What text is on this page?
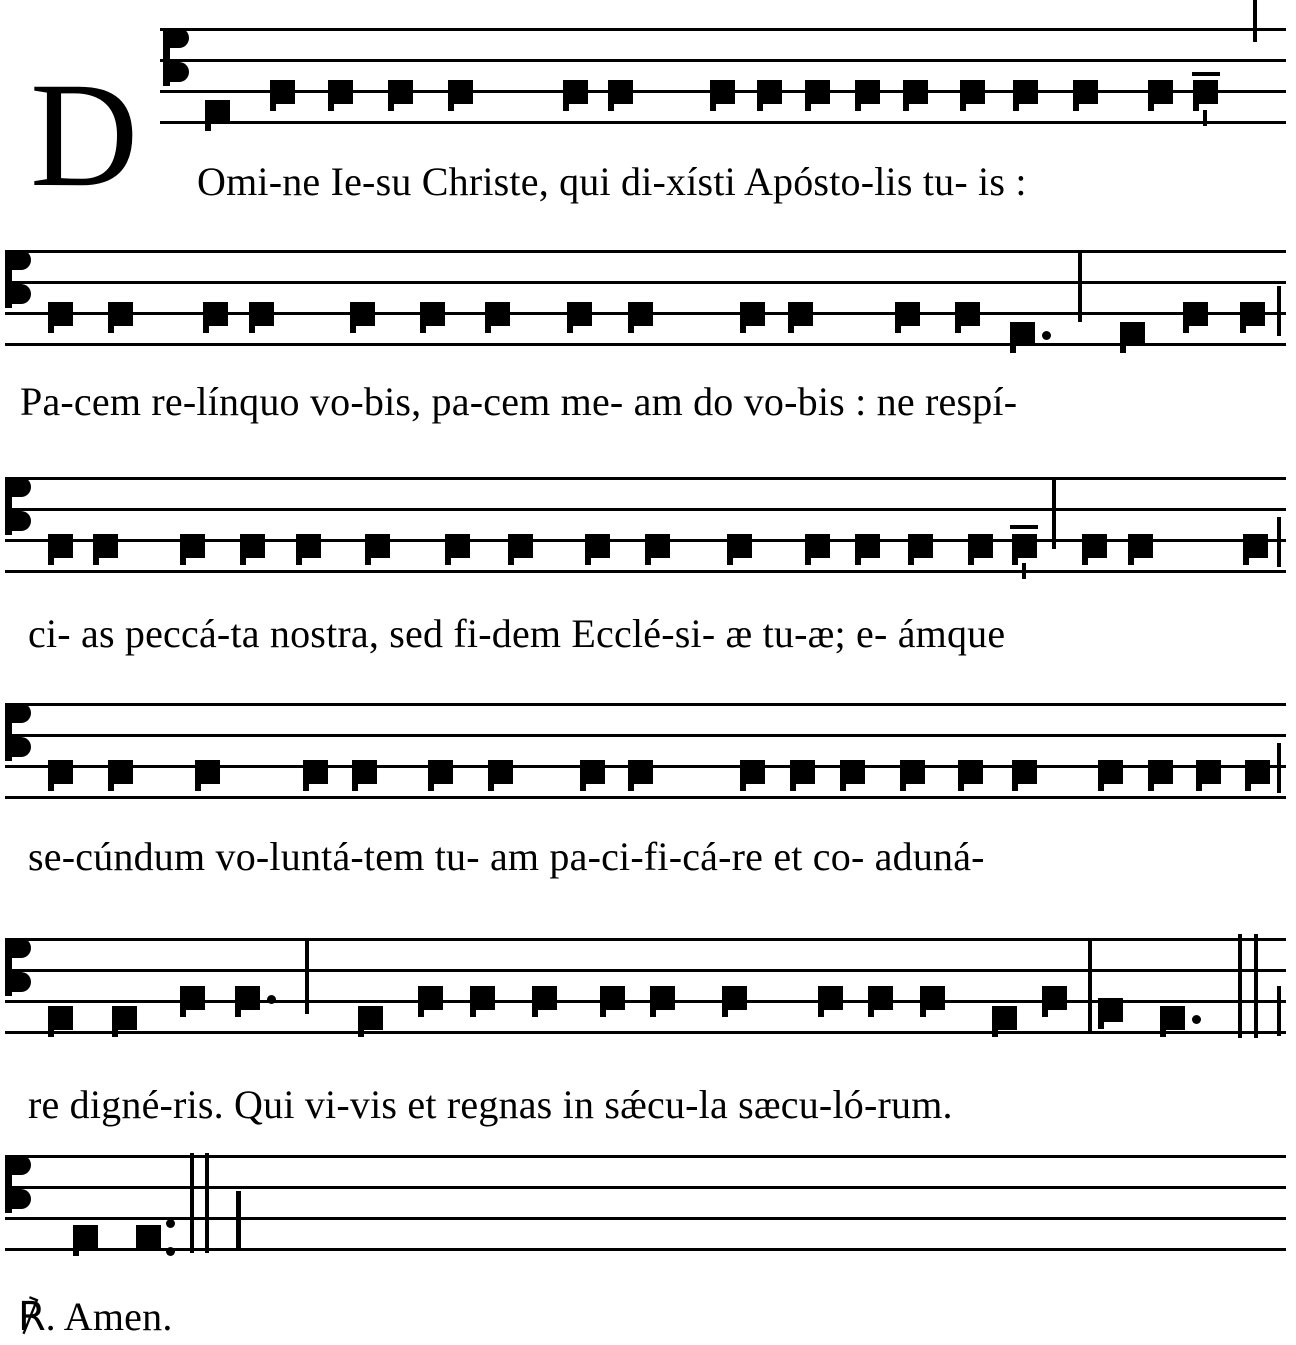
D Omi-ne Ie-su Christe, qui di-xísti Apósto-lis tu- is :
Pa-cem re-línquo vo-bis, pa-cem me- am do vo-bis : ne respí-
ci- as peccá-ta nostra, sed fi-dem Ecclé-si- æ tu-æ; e- ámque
se-cúndum vo-luntá-tem tu- am pa-ci-fi-cá-re et co- aduná-
re digné-ris. Qui vi-vis et regnas in sǽcu-la sæcu-ló-rum.
℟. Amen.
